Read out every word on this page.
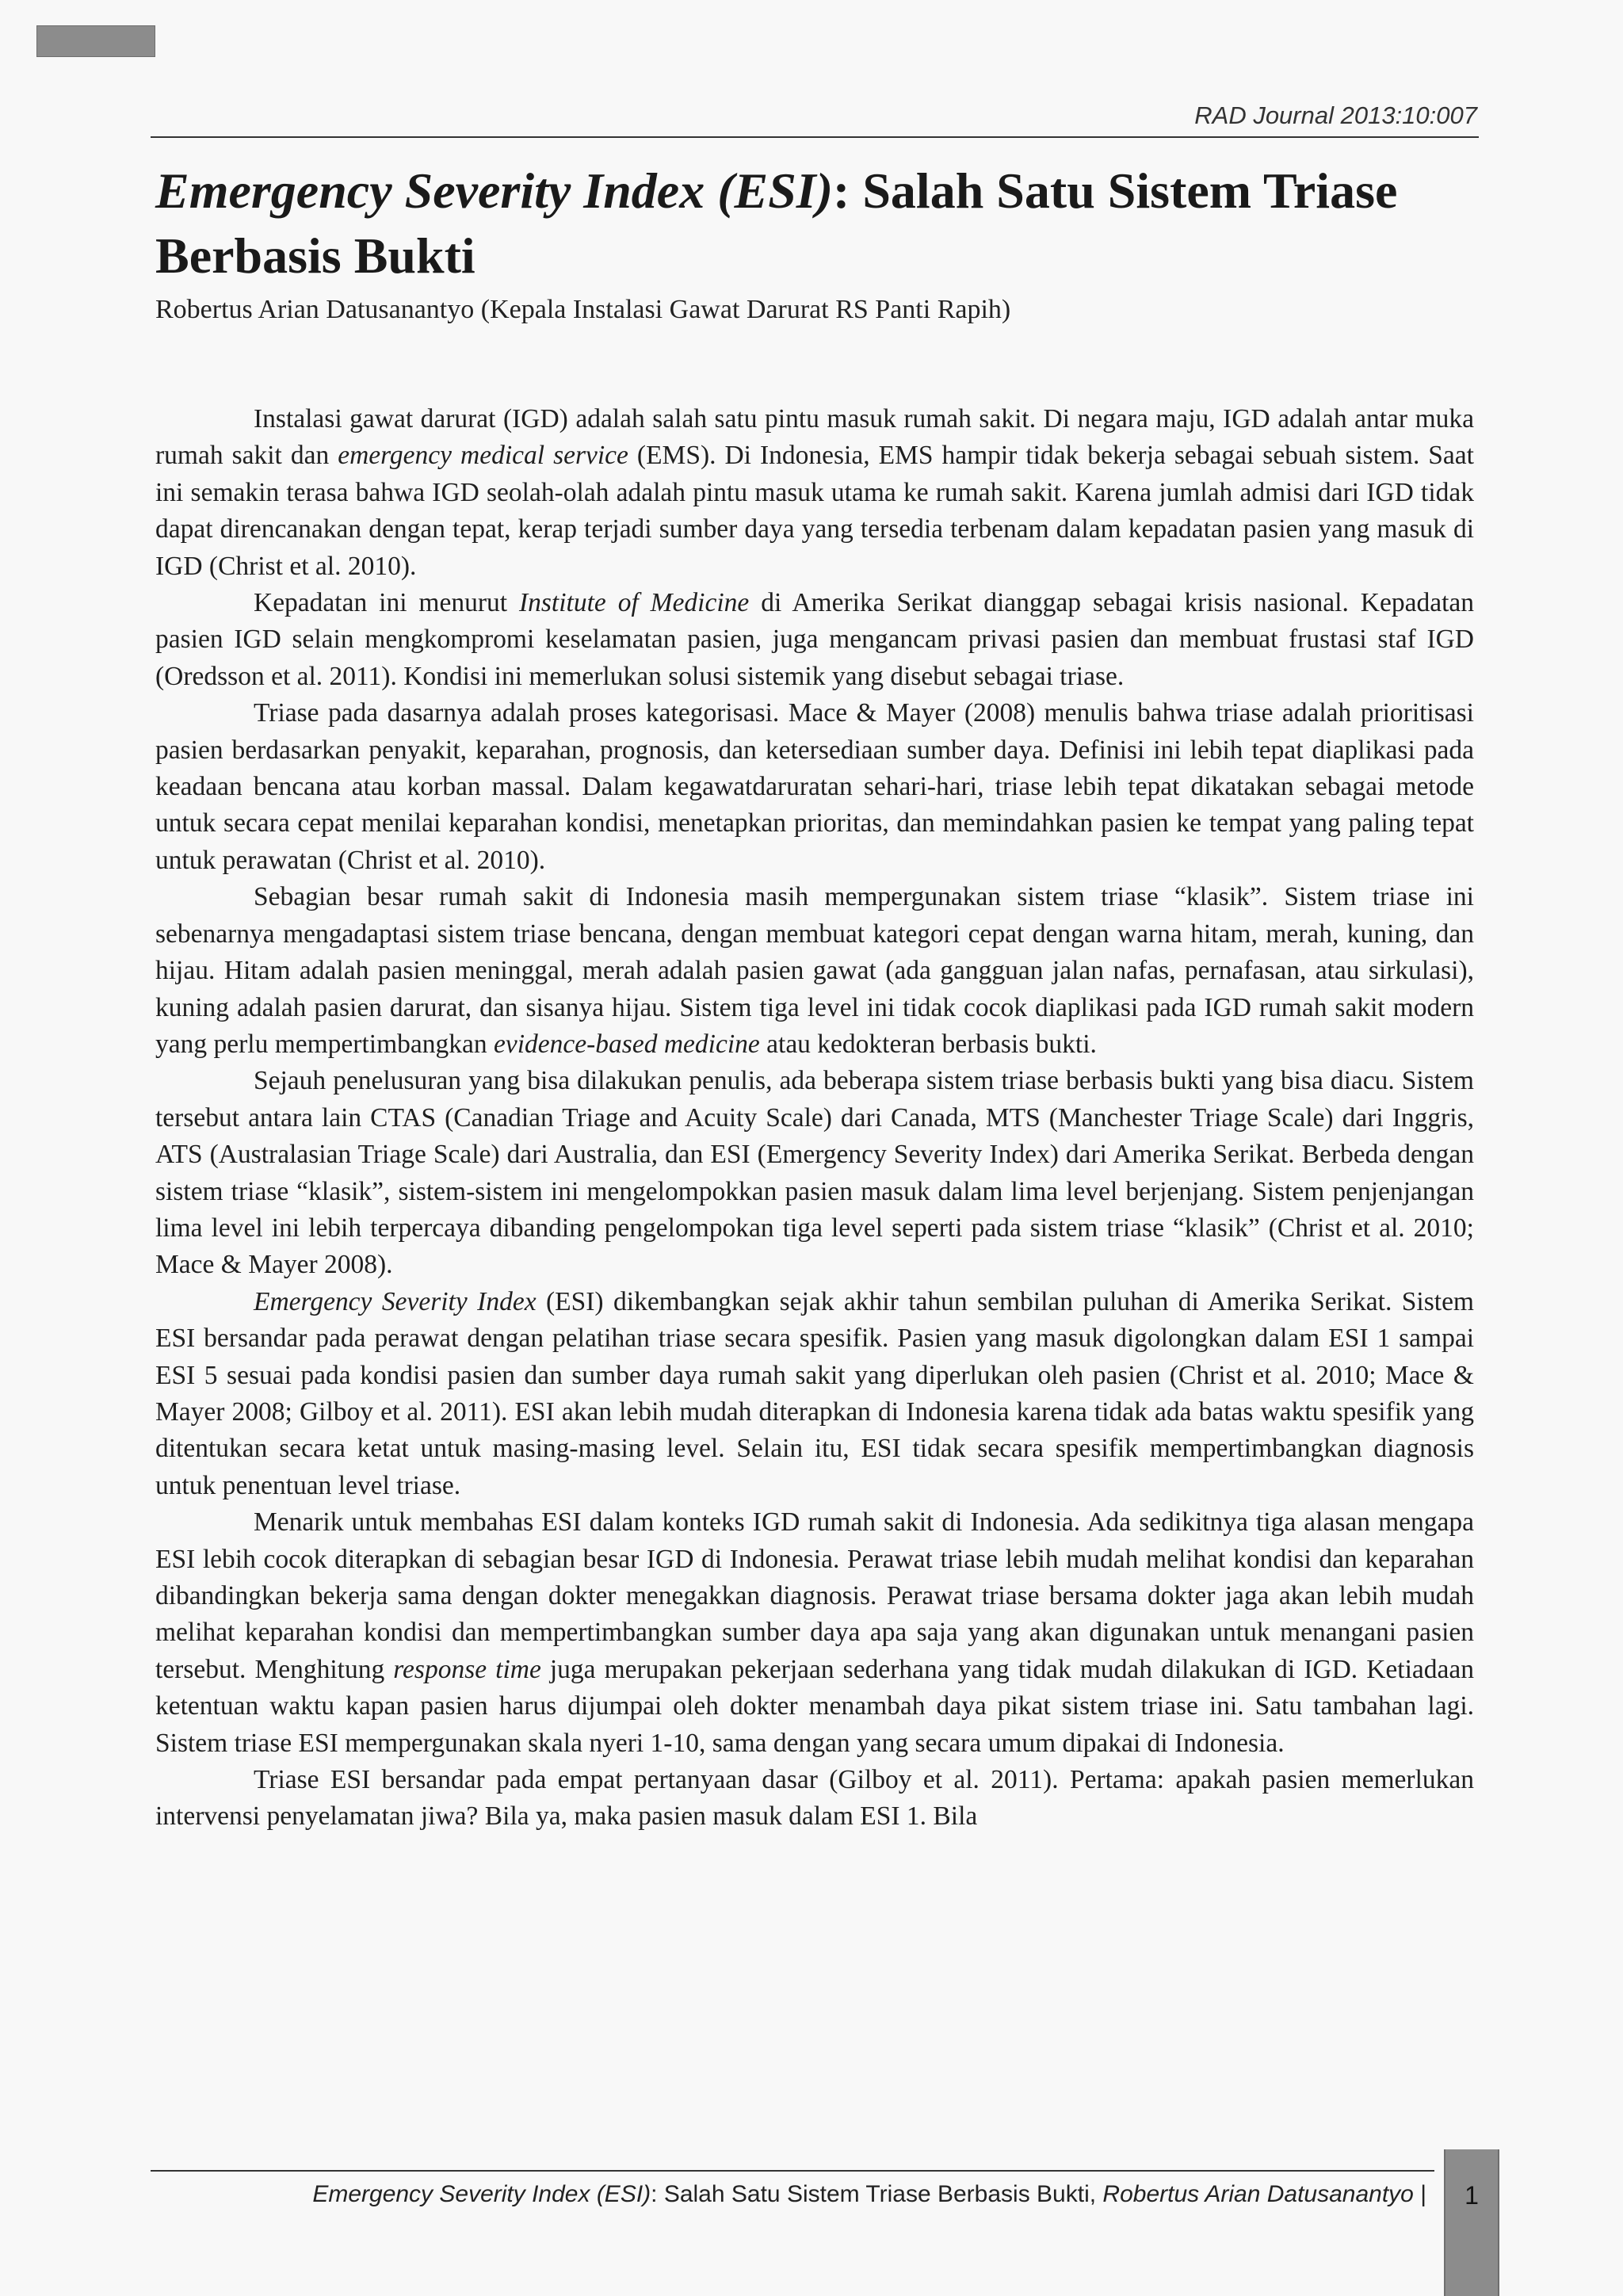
RAD Journal 2013:10:007
Emergency Severity Index (ESI): Salah Satu Sistem Triase Berbasis Bukti
Robertus Arian Datusanantyo (Kepala Instalasi Gawat Darurat RS Panti Rapih)

Instalasi gawat darurat (IGD) adalah salah satu pintu masuk rumah sakit. Di negara maju, IGD adalah antar muka rumah sakit dan emergency medical service (EMS). Di Indonesia, EMS hampir tidak bekerja sebagai sebuah sistem. Saat ini semakin terasa bahwa IGD seolah-olah adalah pintu masuk utama ke rumah sakit. Karena jumlah admisi dari IGD tidak dapat direncanakan dengan tepat, kerap terjadi sumber daya yang tersedia terbenam dalam kepadatan pasien yang masuk di IGD (Christ et al. 2010).

Kepadatan ini menurut Institute of Medicine di Amerika Serikat dianggap sebagai krisis nasional. Kepadatan pasien IGD selain mengkompromi keselamatan pasien, juga mengancam privasi pasien dan membuat frustasi staf IGD (Oredsson et al. 2011). Kondisi ini memerlukan solusi sistemik yang disebut sebagai triase.

Triase pada dasarnya adalah proses kategorisasi. Mace & Mayer (2008) menulis bahwa triase adalah prioritisasi pasien berdasarkan penyakit, keparahan, prognosis, dan ketersediaan sumber daya. Definisi ini lebih tepat diaplikasi pada keadaan bencana atau korban massal. Dalam kegawatdaruratan sehari-hari, triase lebih tepat dikatakan sebagai metode untuk secara cepat menilai keparahan kondisi, menetapkan prioritas, dan memindahkan pasien ke tempat yang paling tepat untuk perawatan (Christ et al. 2010).

Sebagian besar rumah sakit di Indonesia masih mempergunakan sistem triase “klasik”. Sistem triase ini sebenarnya mengadaptasi sistem triase bencana, dengan membuat kategori cepat dengan warna hitam, merah, kuning, dan hijau. Hitam adalah pasien meninggal, merah adalah pasien gawat (ada gangguan jalan nafas, pernafasan, atau sirkulasi), kuning adalah pasien darurat, dan sisanya hijau. Sistem tiga level ini tidak cocok diaplikasi pada IGD rumah sakit modern yang perlu mempertimbangkan evidence-based medicine atau kedokteran berbasis bukti.

Sejauh penelusuran yang bisa dilakukan penulis, ada beberapa sistem triase berbasis bukti yang bisa diacu. Sistem tersebut antara lain CTAS (Canadian Triage and Acuity Scale) dari Canada, MTS (Manchester Triage Scale) dari Inggris, ATS (Australasian Triage Scale) dari Australia, dan ESI (Emergency Severity Index) dari Amerika Serikat. Berbeda dengan sistem triase “klasik”, sistem-sistem ini mengelompokkan pasien masuk dalam lima level berjenjang. Sistem penjenjangan lima level ini lebih terpercaya dibanding pengelompokan tiga level seperti pada sistem triase “klasik” (Christ et al. 2010; Mace & Mayer 2008).

Emergency Severity Index (ESI) dikembangkan sejak akhir tahun sembilan puluhan di Amerika Serikat. Sistem ESI bersandar pada perawat dengan pelatihan triase secara spesifik. Pasien yang masuk digolongkan dalam ESI 1 sampai ESI 5 sesuai pada kondisi pasien dan sumber daya rumah sakit yang diperlukan oleh pasien (Christ et al. 2010; Mace & Mayer 2008; Gilboy et al. 2011). ESI akan lebih mudah diterapkan di Indonesia karena tidak ada batas waktu spesifik yang ditentukan secara ketat untuk masing-masing level. Selain itu, ESI tidak secara spesifik mempertimbangkan diagnosis untuk penentuan level triase.

Menarik untuk membahas ESI dalam konteks IGD rumah sakit di Indonesia. Ada sedikitnya tiga alasan mengapa ESI lebih cocok diterapkan di sebagian besar IGD di Indonesia. Perawat triase lebih mudah melihat kondisi dan keparahan dibandingkan bekerja sama dengan dokter menegakkan diagnosis. Perawat triase bersama dokter jaga akan lebih mudah melihat keparahan kondisi dan mempertimbangkan sumber daya apa saja yang akan digunakan untuk menangani pasien tersebut. Menghitung response time juga merupakan pekerjaan sederhana yang tidak mudah dilakukan di IGD. Ketiadaan ketentuan waktu kapan pasien harus dijumpai oleh dokter menambah daya pikat sistem triase ini. Satu tambahan lagi. Sistem triase ESI mempergunakan skala nyeri 1-10, sama dengan yang secara umum dipakai di Indonesia.

Triase ESI bersandar pada empat pertanyaan dasar (Gilboy et al. 2011). Pertama: apakah pasien memerlukan intervensi penyelamatan jiwa? Bila ya, maka pasien masuk dalam ESI 1. Bila

Emergency Severity Index (ESI): Salah Satu Sistem Triase Berbasis Bukti, Robertus Arian Datusanantyo |	1
